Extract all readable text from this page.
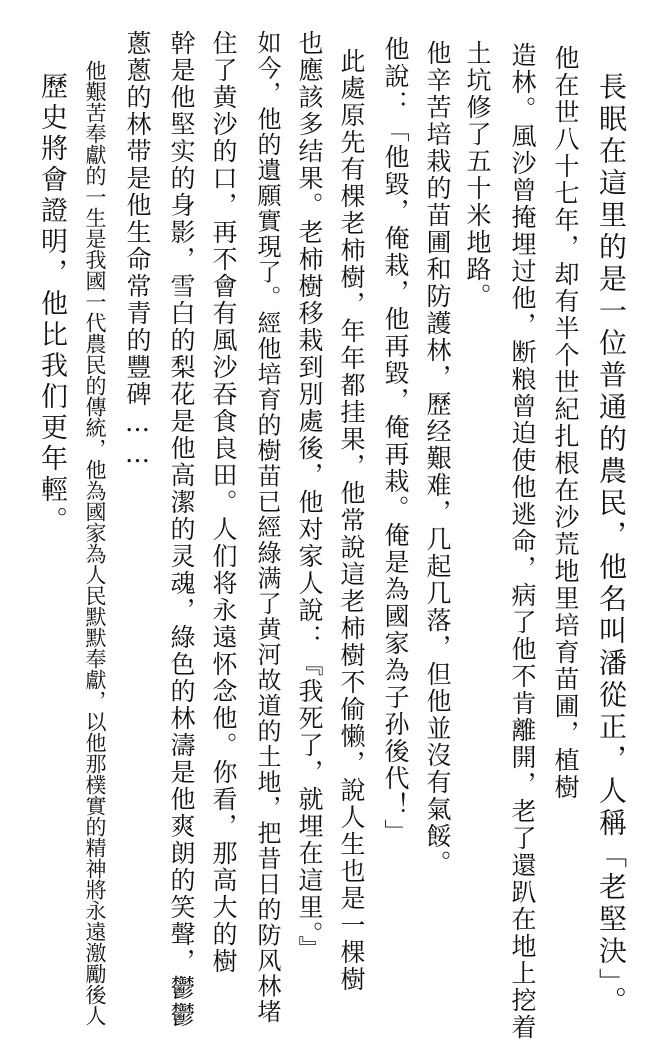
長眠在這里的是一位普通的農民，他名叫潘從正，人稱「老堅決」。
他在世八十七年，却有半个世紀扎根在沙荒地里培育苗圃，植樹
造林。風沙曾掩埋过他，断粮曾迫使他逃命，病了他不肯離開，老了還趴在地上挖着
土坑修了五十米地路。
他辛苦培栽的苗圃和防護林，歷经艱难，几起几落，但他並沒有氣餒。
他說：「他毀，俺栽，他再毀，俺再栽。俺是為國家為子孙後代！」
此處原先有棵老柿樹，年年都挂果，他常說這老柿樹不偷懒，說人生也是一棵樹
也應該多结果。老柿樹移栽到別處後，他对家人說：『我死了，就埋在這里。』
如今，他的遺願實現了。經他培育的樹苗已經綠满了黄河故道的土地，把昔日的防风林堵
住了黄沙的口，再不會有風沙吞食良田。人们将永遠怀念他。你看，那高大的樹
幹是他堅实的身影，雪白的梨花是他高潔的灵魂，綠色的林濤是他爽朗的笑聲，鬱鬱
蔥蔥的林带是他生命常青的豐碑……
他艱苦奉獻的一生是我國一代農民的傳統，他為國家為人民默默奉獻，以他那樸實的精神將永遠激勵後人
歷史將會證明，他比我们更年輕。
